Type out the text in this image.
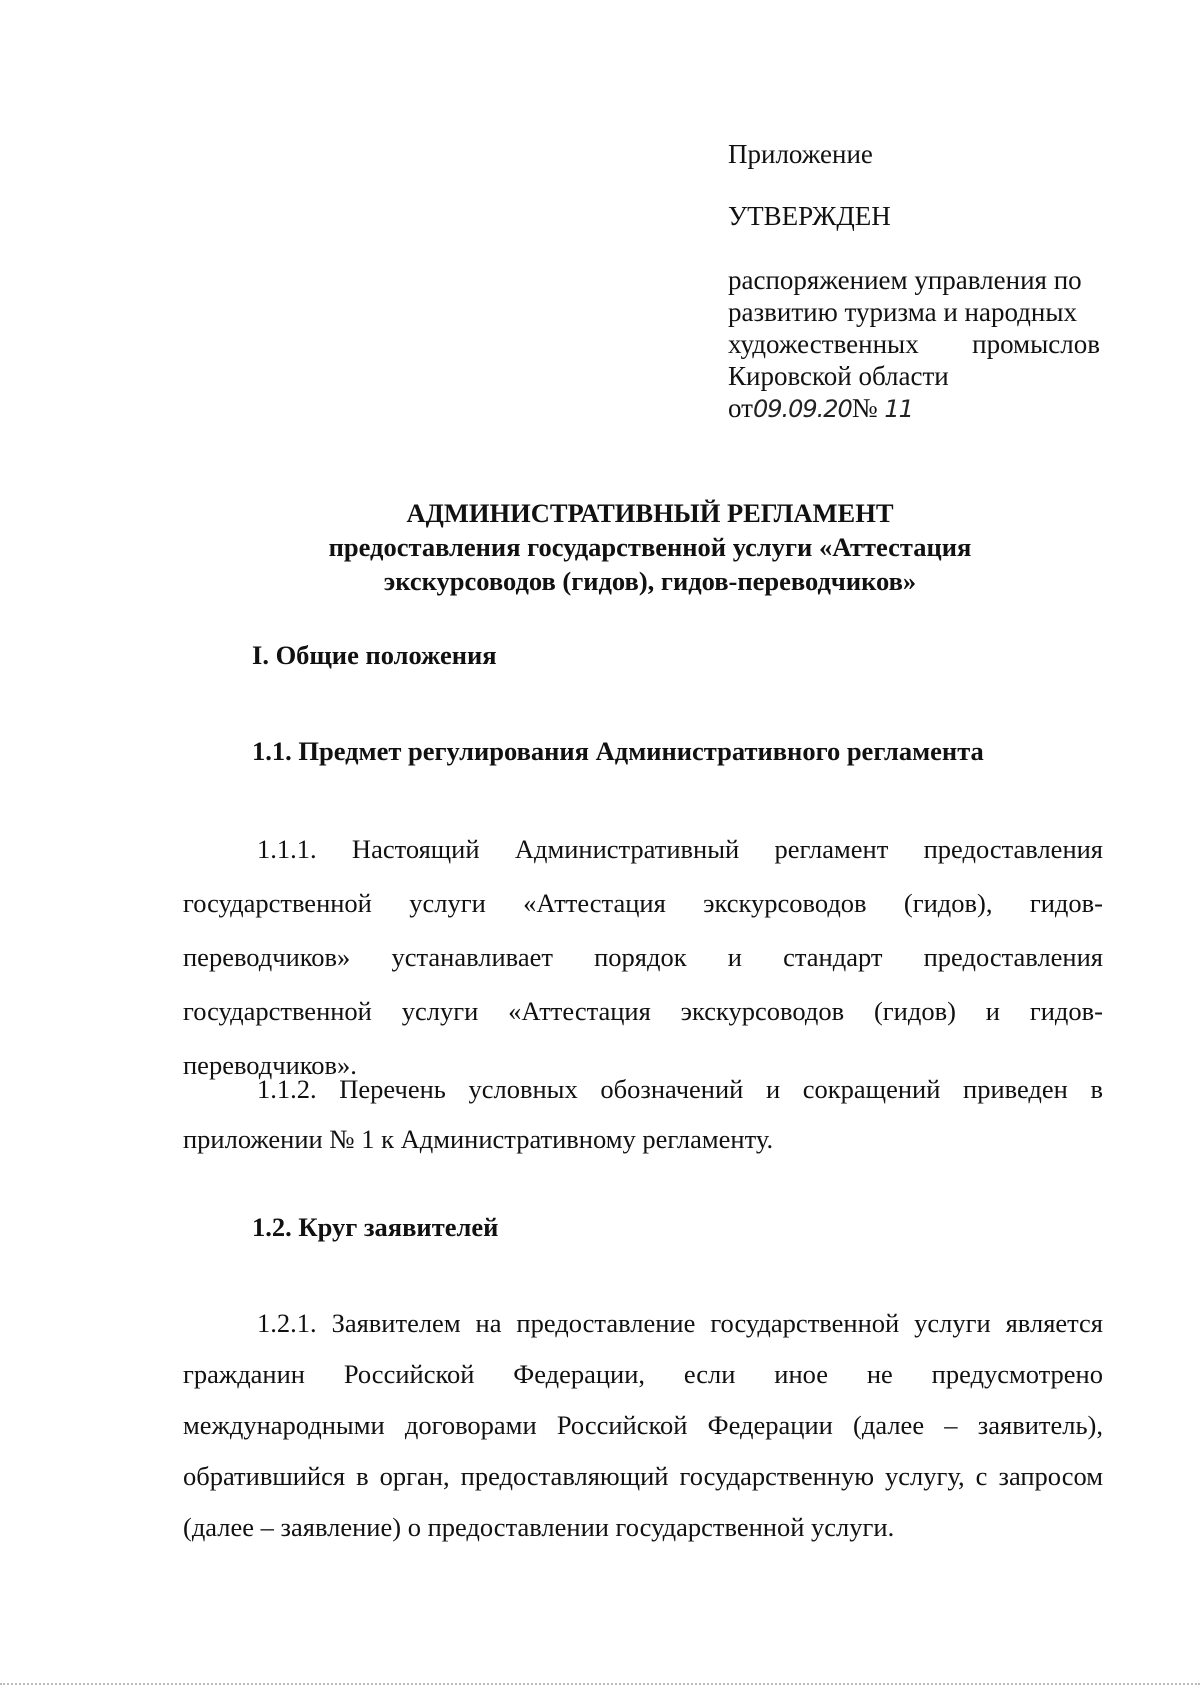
Приложение
УТВЕРЖДЕН

распоряжением управления по

развитию туризма и народных

художественных промыслов

Кировской области

от09.09.20№ 11

АДМИНИСТРАТИВНЫЙ РЕГЛАМЕНТ
предоставления государственной услуги «Аттестация
экскурсоводов (гидов), гидов-переводчиков»
I. Общие положения
1.1. Предмет регулирования Административного регламента

1.1.1. Настоящий Административный регламент предоставления государственной услуги «Аттестация экскурсоводов (гидов), гидов-переводчиков» устанавливает порядок и стандарт предоставления государственной услуги «Аттестация экскурсоводов (гидов) и гидов-переводчиков».

1.1.2. Перечень условных обозначений и сокращений приведен в приложении № 1 к Административному регламенту.

1.2. Круг заявителей

1.2.1. Заявителем на предоставление государственной услуги является гражданин Российской Федерации, если иное не предусмотрено международными договорами Российской Федерации (далее – заявитель), обратившийся в орган, предоставляющий государственную услугу, с запросом (далее – заявление) о предоставлении государственной услуги.
